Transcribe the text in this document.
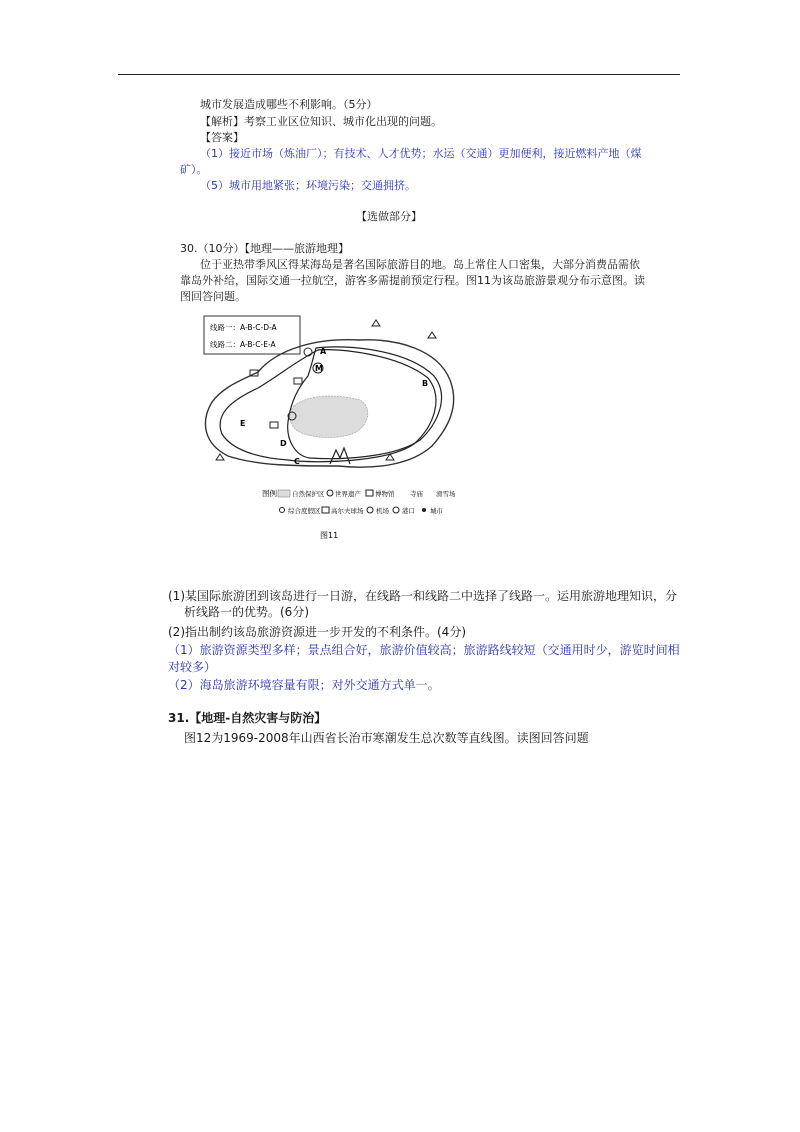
城市发展造成哪些不利影响。（5分）
【解析】考察工业区位知识、城市化出现的问题。
【答案】
（1）接近市场（炼油厂）；有技术、人才优势；水运（交通）更加便利，接近燃料产地（煤
矿）。
（5）城市用地紧张；环境污染；交通拥挤。
【选做部分】
30.（10分）【地理——旅游地理】
位于亚热带季风区得某海岛是著名国际旅游目的地。岛上常住人口密集，大部分消费品需依
靠岛外补给，国际交通一拉航空，游客多需提前预定行程。图11为该岛旅游景观分布示意图。读
图回答问题。
线路一：A-B-C-D-A
线路二：A-B-C-E-A
A
B
C
D
E
M
图例 自然保护区 世界遗产 博物馆 寺庙 滑雪场
综合度假区 高尔夫球场 机场 港口 城市
图11
(1)某国际旅游团到该岛进行一日游，在线路一和线路二中选择了线路一。运用旅游地理知识，分
析线路一的优势。(6分)
(2)指出制约该岛旅游资源进一步开发的不利条件。(4分)
（1）旅游资源类型多样；景点组合好，旅游价值较高；旅游路线较短（交通用时少，游览时间相
对较多）
（2）海岛旅游环境容量有限；对外交通方式单一。
31.【地理-自然灾害与防治】
图12为1969-2008年山西省长治市寒潮发生总次数等直线图。读图回答问题
